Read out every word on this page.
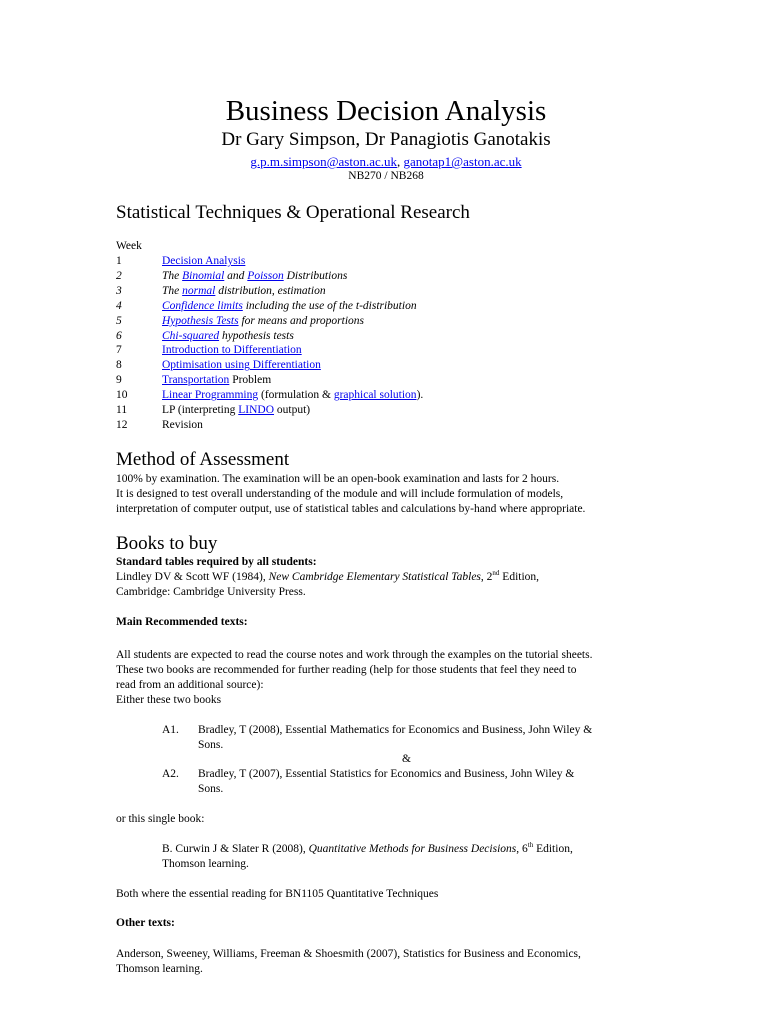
Business Decision Analysis
Dr Gary Simpson, Dr Panagiotis Ganotakis
g.p.m.simpson@aston.ac.uk, ganotap1@aston.ac.uk
NB270 / NB268
Statistical Techniques & Operational Research
Week
1	Decision Analysis
2	The Binomial and Poisson Distributions
3	The normal distribution, estimation
4	Confidence limits including the use of the t-distribution
5	Hypothesis Tests for means and proportions
6	Chi-squared hypothesis tests
7	Introduction to Differentiation
8	Optimisation using Differentiation
9	Transportation Problem
10	Linear Programming (formulation & graphical solution).
11	LP (interpreting LINDO output)
12	Revision
Method of Assessment
100% by examination. The examination will be an open-book examination and lasts for 2 hours.
It is designed to test overall understanding of the module and will include formulation of models,
interpretation of computer output, use of statistical tables and calculations by-hand where appropriate.
Books to buy
Standard tables required by all students:
Lindley DV & Scott WF (1984), New Cambridge Elementary Statistical Tables, 2nd Edition,
Cambridge: Cambridge University Press.
Main Recommended texts:
All students are expected to read the course notes and work through the examples on the tutorial sheets.
These two books are recommended for further reading (help for those students that feel they need to
read from an additional source):
Either these two books
A1. Bradley, T (2008), Essential Mathematics for Economics and Business, John Wiley &
Sons.
&
A2. Bradley, T (2007), Essential Statistics for Economics and Business, John Wiley &
Sons.
or this single book:
B. Curwin J & Slater R (2008), Quantitative Methods for Business Decisions, 6th Edition,
Thomson learning.
Both where the essential reading for BN1105 Quantitative Techniques
Other texts:
Anderson, Sweeney, Williams, Freeman & Shoesmith (2007), Statistics for Business and Economics,
Thomson learning.
